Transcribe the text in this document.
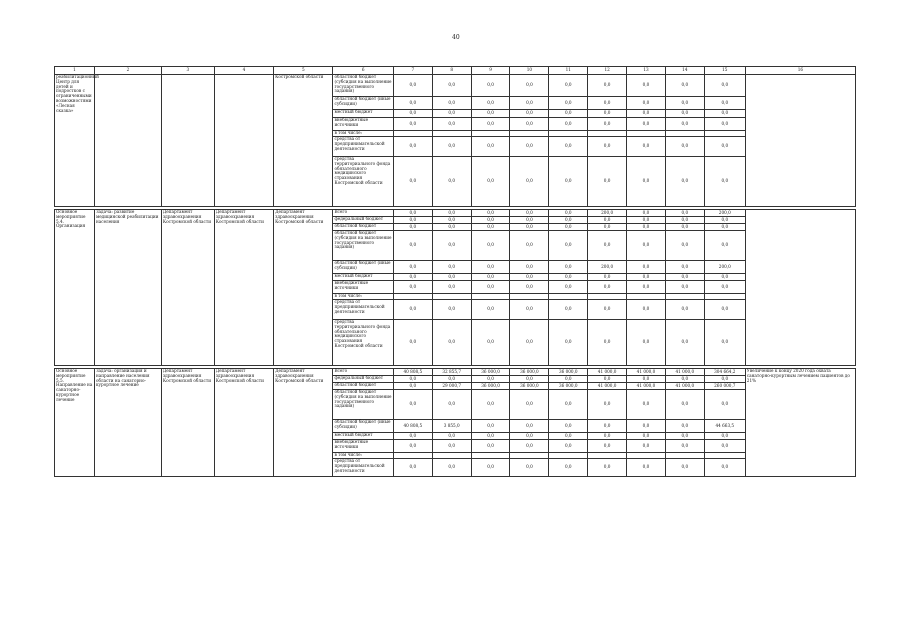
40
1	2	3	4	5	6	7	8	9	10	11	12	13	14	15	16
реабилитационный Центр для детей и подростков с ограниченными возможностями «Лесная сказка»				Костромской области	областной бюджет (субсидия на выполнение государственного задания)	0,0	0,0	0,0	0,0	0,0	0,0	0,0	0,0	0,0	
					областной бюджет (иные субсидии)	0,0	0,0	0,0	0,0	0,0	0,0	0,0	0,0	0,0	
					местный бюджет	0,0	0,0	0,0	0,0	0,0	0,0	0,0	0,0	0,0	
					внебюджетные источники	0,0	0,0	0,0	0,0	0,0	0,0	0,0	0,0	0,0	
					в том числе:										
					средства от предпринимательской деятельности	0,0	0,0	0,0	0,0	0,0	0,0	0,0	0,0	0,0	
					средства территориального фонда обязательного медицинского страхования Костромской области	0,0	0,0	0,0	0,0	0,0	0,0	0,0	0,0	0,0	

Основное мероприятие 5.4. Организация	Задача: развитие медицинской реабилитации населения	Департамент здравоохранения Костромской области	Департамент здравоохранения Костромской области	Департамент здравоохранения Костромской области	Всего	0,0	0,0	0,0	0,0	0,0	200,0	0,0	0,0	200,0	
					федеральный бюджет	0,0	0,0	0,0	0,0	0,0	0,0	0,0	0,0	0,0	
					областной бюджет	0,0	0,0	0,0	0,0	0,0	0,0	0,0	0,0	0,0	
					областной бюджет (субсидия на выполнение государственного задания)	0,0	0,0	0,0	0,0	0,0	0,0	0,0	0,0	0,0	
					областной бюджет (иные субсидии)	0,0	0,0	0,0	0,0	0,0	200,0	0,0	0,0	200,0	
					местный бюджет	0,0	0,0	0,0	0,0	0,0	0,0	0,0	0,0	0,0	
					внебюджетные источники	0,0	0,0	0,0	0,0	0,0	0,0	0,0	0,0	0,0	
					в том числе:										
					средства от предпринимательской деятельности	0,0	0,0	0,0	0,0	0,0	0,0	0,0	0,0	0,0	
					средства территориального фонда обязательного медицинского страхования Костромской области	0,0	0,0	0,0	0,0	0,0	0,0	0,0	0,0	0,0	

Основное мероприятие 5.5. Направление на санаторно-курортное лечение	Задача: организация и направление населения области на санаторно-курортное лечение	Департамент здравоохранения Костромской области	Департамент здравоохранения Костромской области	Департамент здравоохранения Костромской области	Всего	40 808,5	32 855,7	36 000,0	36 000,0	36 000,0	41 000,0	41 000,0	41 000,0	304 664,2	Увеличение к концу 2020 года охвата санаторно-курортным лечением пациентов до 21%
					федеральный бюджет	0,0	0,0	0,0	0,0	0,0	0,0	0,0	0,0	0,0	
					областной бюджет	0,0	29 000,7	36 000,0	36 000,0	36 000,0	41 000,0	41 000,0	41 000,0	260 000,7	
					областной бюджет (субсидия на выполнение государственного задания)	0,0	0,0	0,0	0,0	0,0	0,0	0,0	0,0	0,0	
					областной бюджет (иные субсидии)	40 808,5	3 855,0	0,0	0,0	0,0	0,0	0,0	0,0	44 663,5	
					местный бюджет	0,0	0,0	0,0	0,0	0,0	0,0	0,0	0,0	0,0	
					внебюджетные источники	0,0	0,0	0,0	0,0	0,0	0,0	0,0	0,0	0,0	
					в том числе:										
					средства от предпринимательской деятельности	0,0	0,0	0,0	0,0	0,0	0,0	0,0	0,0	0,0	
